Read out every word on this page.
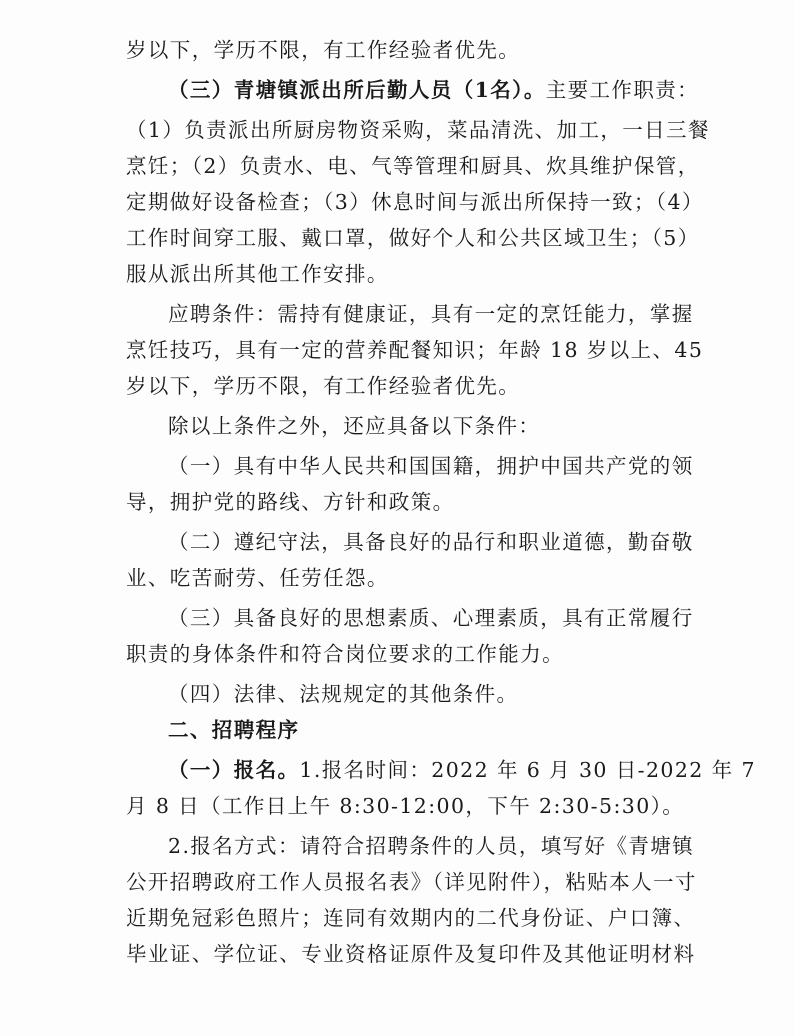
岁以下，学历不限，有工作经验者优先。
（三）青塘镇派出所后勤人员（1名）。主要工作职责：
（1）负责派出所厨房物资采购，菜品清洗、加工，一日三餐
烹饪；（2）负责水、电、气等管理和厨具、炊具维护保管，
定期做好设备检查；（3）休息时间与派出所保持一致；（4）
工作时间穿工服、戴口罩，做好个人和公共区域卫生；（5）
服从派出所其他工作安排。
应聘条件：需持有健康证，具有一定的烹饪能力，掌握
烹饪技巧，具有一定的营养配餐知识；年龄 18 岁以上、45
岁以下，学历不限，有工作经验者优先。
除以上条件之外，还应具备以下条件：
（一）具有中华人民共和国国籍，拥护中国共产党的领
导，拥护党的路线、方针和政策。
（二）遵纪守法，具备良好的品行和职业道德，勤奋敬
业、吃苦耐劳、任劳任怨。
（三）具备良好的思想素质、心理素质，具有正常履行
职责的身体条件和符合岗位要求的工作能力。
（四）法律、法规规定的其他条件。
二、招聘程序
（一）报名。1.报名时间：2022 年 6 月 30 日-2022 年 7
月 8 日（工作日上午 8:30-12:00，下午 2:30-5:30）。
2.报名方式：请符合招聘条件的人员，填写好《青塘镇
公开招聘政府工作人员报名表》（详见附件），粘贴本人一寸
近期免冠彩色照片；连同有效期内的二代身份证、户口簿、
毕业证、学位证、专业资格证原件及复印件及其他证明材料
